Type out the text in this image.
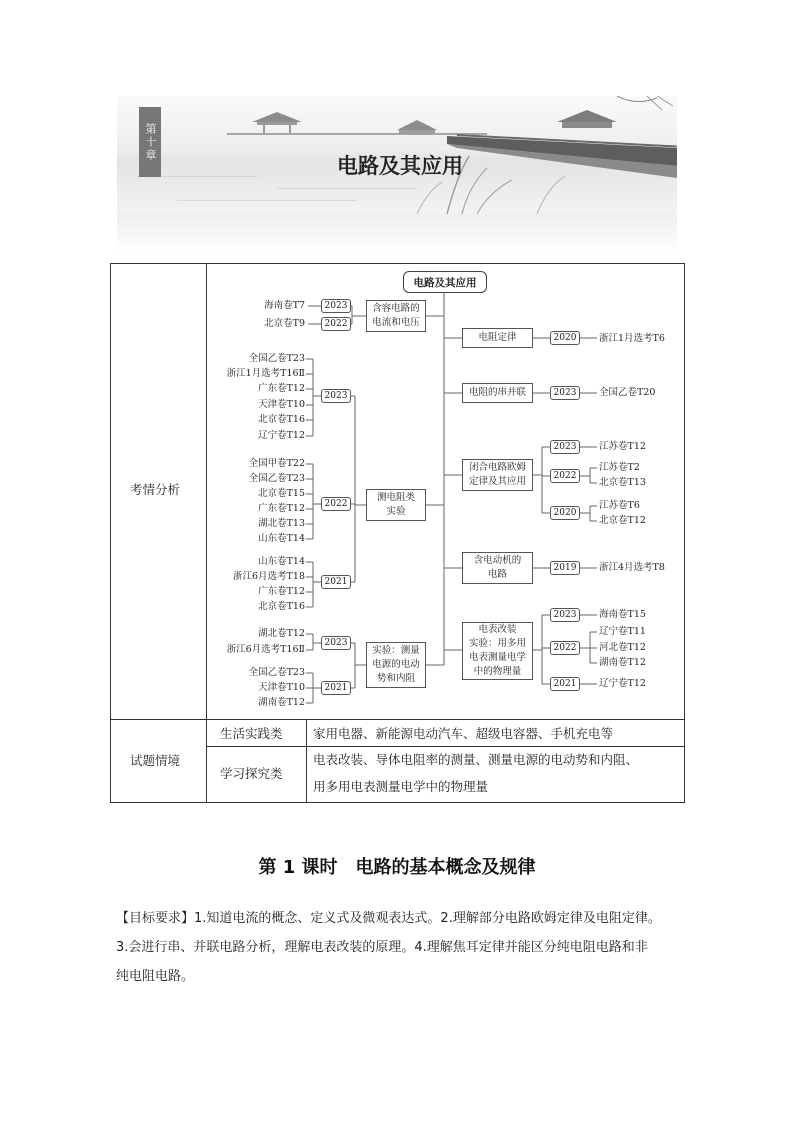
第十章
电路及其应用
考情分析
试题情境
生活实践类 家用电器、新能源电动汽车、超级电容器、手机充电等
学习探究类
电表改装、导体电阻率的测量、测量电源的电动势和内阻、
用多用电表测量电学中的物理量
电路及其应用
含容电路的
电流和电压
测电阻类
实验
实验：测量
电源的电动
势和内阻
2023
2022
2023
2022
2021
2023
2021
海南卷T7
北京卷T9
全国乙卷T23
浙江1月选考T16Ⅱ
广东卷T12
天津卷T10
北京卷T16
辽宁卷T12
全国甲卷T22
全国乙卷T23
北京卷T15
广东卷T12
湖北卷T13
山东卷T14
山东卷T14
浙江6月选考T18
广东卷T12
北京卷T16
湖北卷T12
浙江6月选考T16Ⅱ
全国乙卷T23
天津卷T10
湖南卷T12
电阻定律
电阻的串并联
闭合电路欧姆
定律及其应用
含电动机的
电路
电表改装
实验：用多用
电表测量电学
中的物理量
2020
2023
2023
2022
2020
2019
2023
2022
2021
浙江1月选考T6
全国乙卷T20
江苏卷T12
江苏卷T2
北京卷T13
江苏卷T6
北京卷T12
浙江4月选考T8
海南卷T15
辽宁卷T11
河北卷T12
湖南卷T12
辽宁卷T12
第 1 课时　电路的基本概念及规律
【目标要求】1.知道电流的概念、定义式及微观表达式。2.理解部分电路欧姆定律及电阻定律。
3.会进行串、并联电路分析，理解电表改装的原理。4.理解焦耳定律并能区分纯电阻电路和非
纯电阻电路。
